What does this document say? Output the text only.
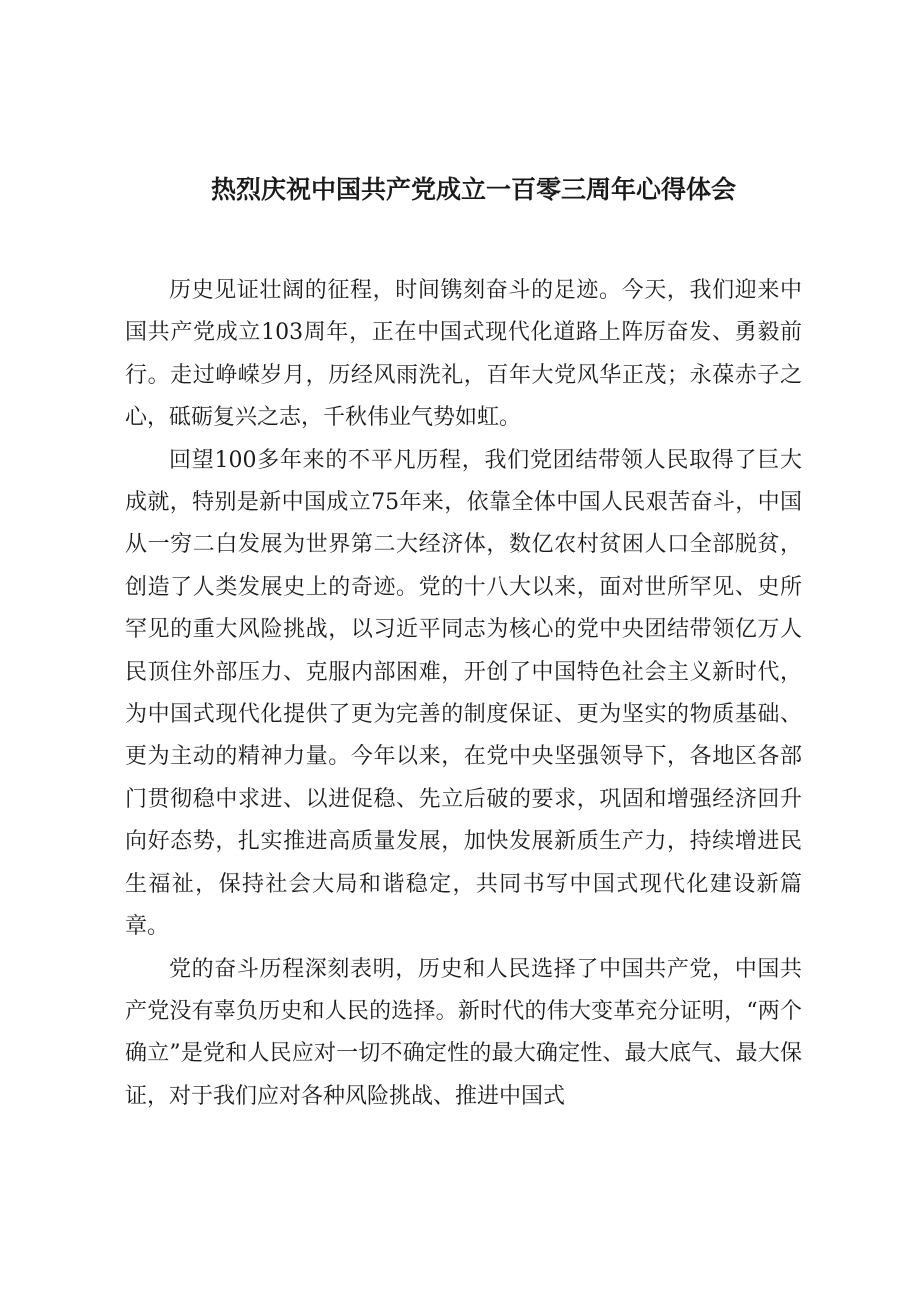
热烈庆祝中国共产党成立一百零三周年心得体会

历史见证壮阔的征程，时间镌刻奋斗的足迹。今天，我们迎来中国共产党成立103周年，正在中国式现代化道路上阵厉奋发、勇毅前行。走过峥嵘岁月，历经风雨洗礼，百年大党风华正茂；永葆赤子之心，砥砺复兴之志，千秋伟业气势如虹。

回望100多年来的不平凡历程，我们党团结带领人民取得了巨大成就，特别是新中国成立75年来，依靠全体中国人民艰苦奋斗，中国从一穷二白发展为世界第二大经济体，数亿农村贫困人口全部脱贫，创造了人类发展史上的奇迹。党的十八大以来，面对世所罕见、史所罕见的重大风险挑战，以习近平同志为核心的党中央团结带领亿万人民顶住外部压力、克服内部困难，开创了中国特色社会主义新时代，为中国式现代化提供了更为完善的制度保证、更为坚实的物质基础、更为主动的精神力量。今年以来，在党中央坚强领导下，各地区各部门贯彻稳中求进、以进促稳、先立后破的要求，巩固和增强经济回升向好态势，扎实推进高质量发展，加快发展新质生产力，持续增进民生福祉，保持社会大局和谐稳定，共同书写中国式现代化建设新篇章。

党的奋斗历程深刻表明，历史和人民选择了中国共产党，中国共产党没有辜负历史和人民的选择。新时代的伟大变革充分证明，“两个确立”是党和人民应对一切不确定性的最大确定性、最大底气、最大保证，对于我们应对各种风险挑战、推进中国式
